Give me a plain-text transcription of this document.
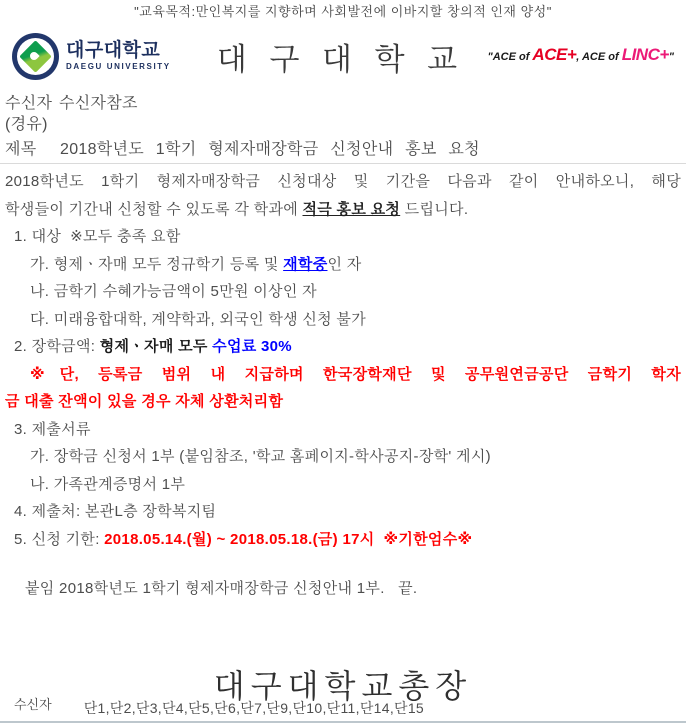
"교육목적:만인복지를 지향하며 사회발전에 이바지할 창의적 인재 양성"
대구대학교
DAEGU UNIVERSITY	대 구 대 학 교	"ACE of ACE+, ACE of LINC+"
수신자 수신자참조
(경유)
제목  2018학년도 1학기 형제자매장학금 신청안내 홍보 요청
2018학년도 1학기 형제자매장학금 신청대상 및 기간을 다음과 같이 안내하오니, 해당
학생들이 기간내 신청할 수 있도록 각 학과에 적극 홍보 요청 드립니다.
1. 대상  ※모두 충족 요함
가. 형제ㆍ자매 모두 정규학기 등록 및 재학중인 자
나. 금학기 수혜가능금액이 5만원 이상인 자
다. 미래융합대학, 계약학과, 외국인 학생 신청 불가
2. 장학금액: 형제ㆍ자매 모두 수업료 30%
※단, 등록금 범위 내 지급하며 한국장학재단 및 공무원연금공단 금학기 학자
금 대출 잔액이 있을 경우 자체 상환처리함
3. 제출서류
가. 장학금 신청서 1부 (붙임참조, '학교 홈페이지-학사공지-장학' 게시)
나. 가족관계증명서 1부
4. 제출처: 본관L층 장학복지팀
5. 신청 기한: 2018.05.14.(월) ~ 2018.05.18.(금) 17시  ※기한엄수※
붙임 2018학년도 1학기 형제자매장학금 신청안내 1부.   끝.
대구대학교총장
수신자 단1,단2,단3,단4,단5,단6,단7,단9,단10,단11,단14,단15
